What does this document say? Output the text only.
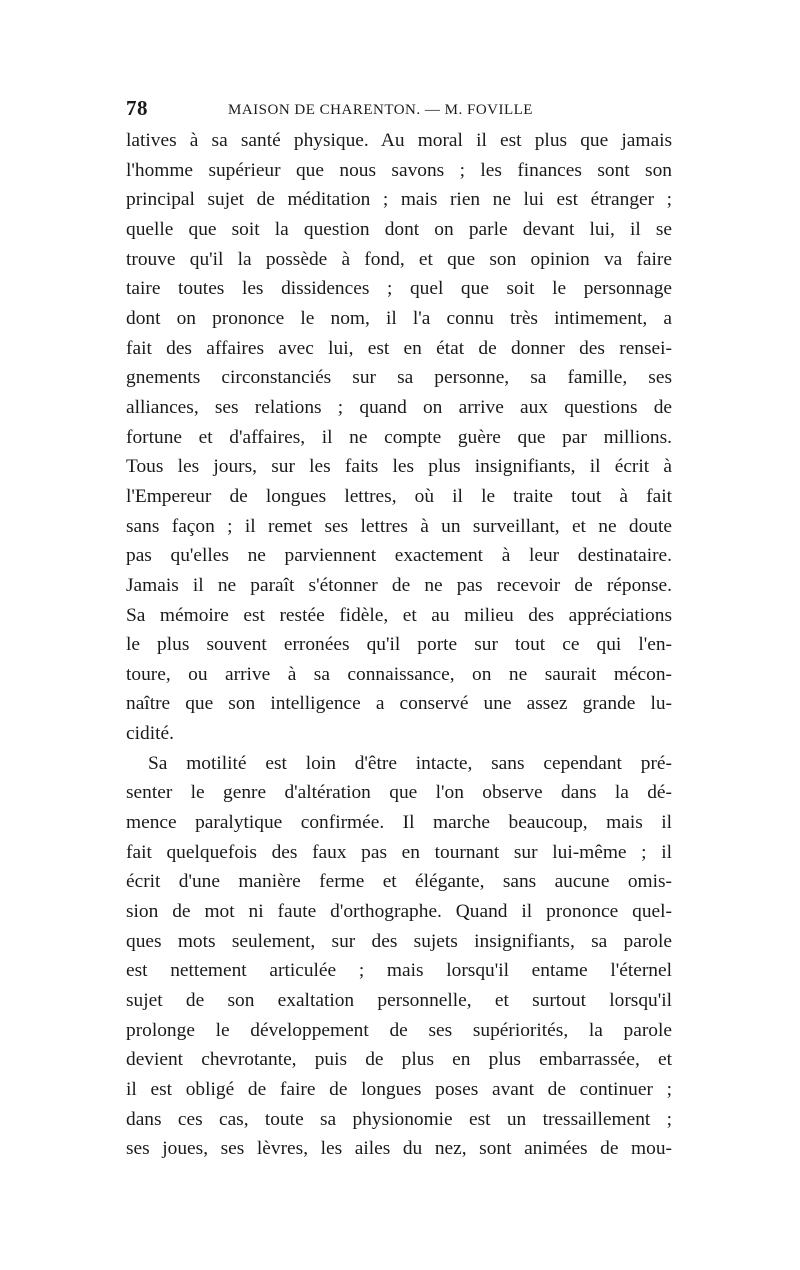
78	MAISON DE CHARENTON. — M. FOVILLE

latives à sa santé physique. Au moral il est plus que jamais
l'homme supérieur que nous savons ; les finances sont son
principal sujet de méditation ; mais rien ne lui est étranger ;
quelle que soit la question dont on parle devant lui, il se
trouve qu'il la possède à fond, et que son opinion va faire
taire toutes les dissidences ; quel que soit le personnage
dont on prononce le nom, il l'a connu très intimement, a
fait des affaires avec lui, est en état de donner des rensei-
gnements circonstanciés sur sa personne, sa famille, ses
alliances, ses relations ; quand on arrive aux questions de
fortune et d'affaires, il ne compte guère que par millions.
Tous les jours, sur les faits les plus insignifiants, il écrit à
l'Empereur de longues lettres, où il le traite tout à fait
sans façon ; il remet ses lettres à un surveillant, et ne doute
pas qu'elles ne parviennent exactement à leur destinataire.
Jamais il ne paraît s'étonner de ne pas recevoir de réponse.
Sa mémoire est restée fidèle, et au milieu des appréciations
le plus souvent erronées qu'il porte sur tout ce qui l'en-
toure, ou arrive à sa connaissance, on ne saurait mécon-
naître que son intelligence a conservé une assez grande lu-
cidité.

Sa motilité est loin d'être intacte, sans cependant pré-
senter le genre d'altération que l'on observe dans la dé-
mence paralytique confirmée. Il marche beaucoup, mais il
fait quelquefois des faux pas en tournant sur lui-même ; il
écrit d'une manière ferme et élégante, sans aucune omis-
sion de mot ni faute d'orthographe. Quand il prononce quel-
ques mots seulement, sur des sujets insignifiants, sa parole
est nettement articulée ; mais lorsqu'il entame l'éternel
sujet de son exaltation personnelle, et surtout lorsqu'il
prolonge le développement de ses supériorités, la parole
devient chevrotante, puis de plus en plus embarrassée, et
il est obligé de faire de longues poses avant de continuer ;
dans ces cas, toute sa physionomie est un tressaillement ;
ses joues, ses lèvres, les ailes du nez, sont animées de mou-
